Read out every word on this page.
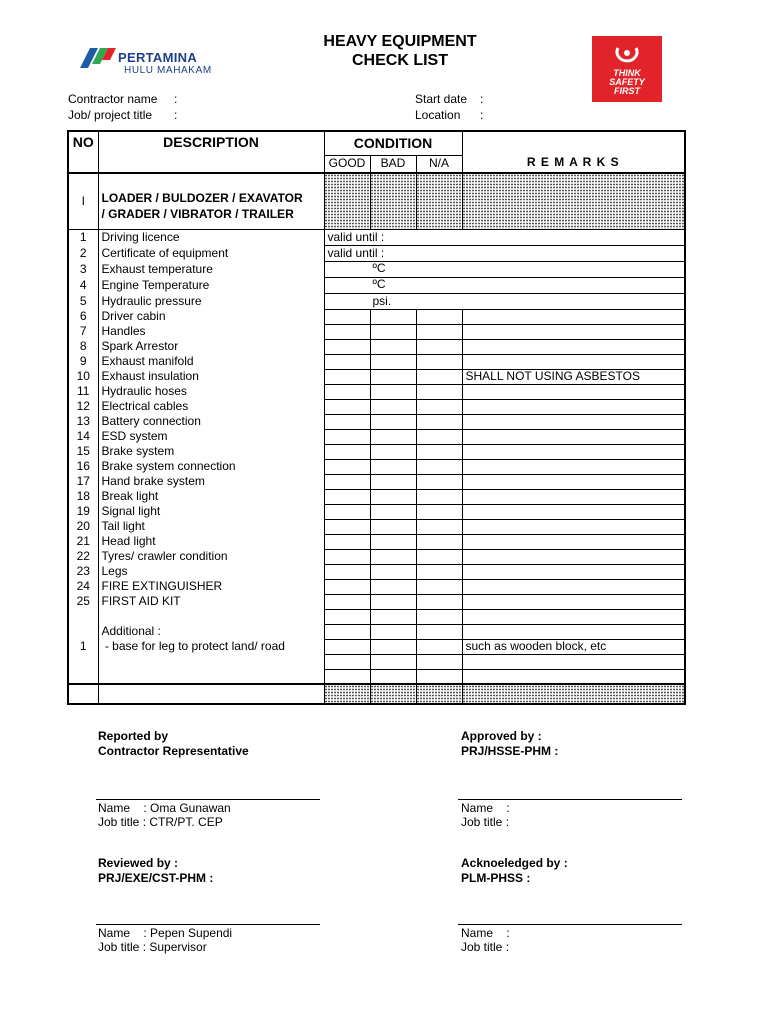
PERTAMINA
HULU MAHAKAM
HEAVY EQUIPMENT
CHECK LIST
THINK
SAFETY
FIRST
Contractor name :
Job/ project title :
Start date :
Location :
NO	DESCRIPTION	CONDITION			R E M A R K S
		GOOD	BAD	N/A	
I	LOADER / BULDOZER / EXAVATOR
/ GRADER / VIBRATOR / TRAILER				

1	Driving licence	valid until :			
2	Certificate of equipment	valid until :			
3	Exhaust temperature	ºC			
4	Engine Temperature	ºC			
5	Hydraulic pressure	psi.			
6	Driver cabin				
7	Handles				
8	Spark Arrestor				
9	Exhaust manifold				
10	Exhaust insulation				SHALL NOT USING ASBESTOS
11	Hydraulic hoses				
12	Electrical cables				
13	Battery connection				
14	ESD system				
15	Brake system				
16	Brake system connection				
17	Hand brake system				
18	Break light				
19	Signal light				
20	Tail light				
21	Head light				
22	Tyres/ crawler condition				
23	Legs				
24	FIRE EXTINGUISHER				
25	FIRST AID KIT				

	Additional :				
1	- base for leg to protect land/ road				such as wooden block, etc

Reported by
Contractor Representative
Approved by :
PRJ/HSSE-PHM :
Name    : Oma Gunawan
Job title : CTR/PT. CEP
Name    :
Job title :
Reviewed by :
PRJ/EXE/CST-PHM :
Acknoeledged by :
PLM-PHSS :
Name    : Pepen Supendi
Job title : Supervisor
Name    :
Job title :
